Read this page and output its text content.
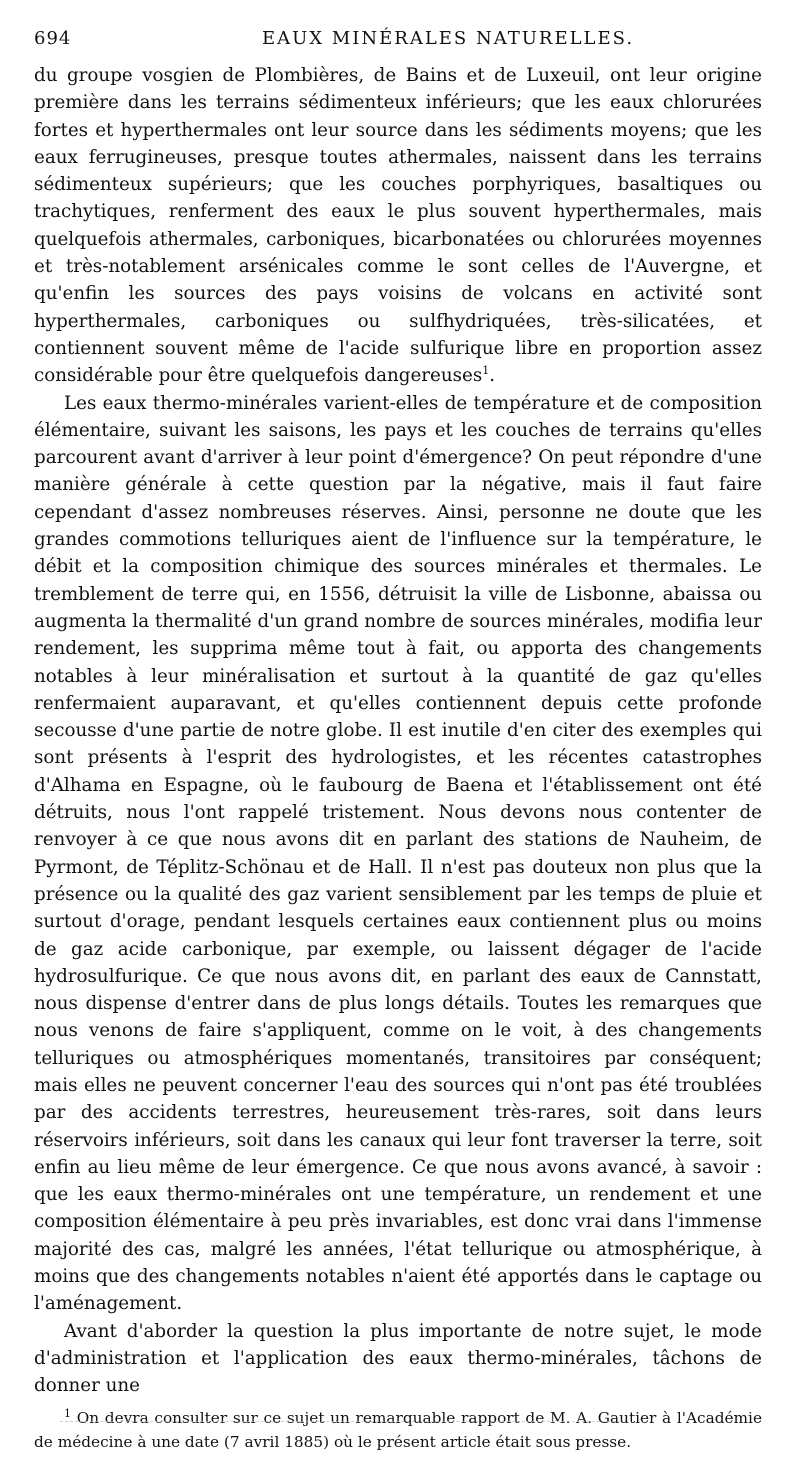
694	EAUX MINÉRALES NATURELLES.

du groupe vosgien de Plombières, de Bains et de Luxeuil, ont leur origine première dans les terrains sédimenteux inférieurs; que les eaux chlorurées fortes et hyperthermales ont leur source dans les sédiments moyens; que les eaux ferrugineuses, presque toutes athermales, naissent dans les terrains sédimenteux supérieurs; que les couches porphyriques, basaltiques ou trachytiques, renferment des eaux le plus souvent hyperthermales, mais quelquefois athermales, carboniques, bicarbonatées ou chlorurées moyennes et très-notablement arsénicales comme le sont celles de l'Auvergne, et qu'enfin les sources des pays voisins de volcans en activité sont hyperthermales, carboniques ou sulfhydriquées, très-silicatées, et contiennent souvent même de l'acide sulfurique libre en proportion assez considérable pour être quelquefois dangereuses$^1$.

Les eaux thermo-minérales varient-elles de température et de composition élémentaire, suivant les saisons, les pays et les couches de terrains qu'elles parcourent avant d'arriver à leur point d'émergence? On peut répondre d'une manière générale à cette question par la négative, mais il faut faire cependant d'assez nombreuses réserves. Ainsi, personne ne doute que les grandes commotions telluriques aient de l'influence sur la température, le débit et la composition chimique des sources minérales et thermales. Le tremblement de terre qui, en 1556, détruisit la ville de Lisbonne, abaissa ou augmenta la thermalité d'un grand nombre de sources minérales, modifia leur rendement, les supprima même tout à fait, ou apporta des changements notables à leur minéralisation et surtout à la quantité de gaz qu'elles renfermaient auparavant, et qu'elles contiennent depuis cette profonde secousse d'une partie de notre globe. Il est inutile d'en citer des exemples qui sont présents à l'esprit des hydrologistes, et les récentes catastrophes d'Alhama en Espagne, où le faubourg de Baena et l'établissement ont été détruits, nous l'ont rappelé tristement. Nous devons nous contenter de renvoyer à ce que nous avons dit en parlant des stations de Nauheim, de Pyrmont, de Téplitz-Schönau et de Hall. Il n'est pas douteux non plus que la présence ou la qualité des gaz varient sensiblement par les temps de pluie et surtout d'orage, pendant lesquels certaines eaux contiennent plus ou moins de gaz acide carbonique, par exemple, ou laissent dégager de l'acide hydrosulfurique. Ce que nous avons dit, en parlant des eaux de Cannstatt, nous dispense d'entrer dans de plus longs détails. Toutes les remarques que nous venons de faire s'appliquent, comme on le voit, à des changements telluriques ou atmosphériques momentanés, transitoires par conséquent; mais elles ne peuvent concerner l'eau des sources qui n'ont pas été troublées par des accidents terrestres, heureusement très-rares, soit dans leurs réservoirs inférieurs, soit dans les canaux qui leur font traverser la terre, soit enfin au lieu même de leur émergence. Ce que nous avons avancé, à savoir : que les eaux thermo-minérales ont une température, un rendement et une composition élémentaire à peu près invariables, est donc vrai dans l'immense majorité des cas, malgré les années, l'état tellurique ou atmosphérique, à moins que des changements notables n'aient été apportés dans le captage ou l'aménagement.

Avant d'aborder la question la plus importante de notre sujet, le mode d'administration et l'application des eaux thermo-minérales, tâchons de donner une

$^1$ On devra consulter sur ce sujet un remarquable rapport de M. A. Gautier à l'Académie de médecine à une date (7 avril 1885) où le présent article était sous presse.
